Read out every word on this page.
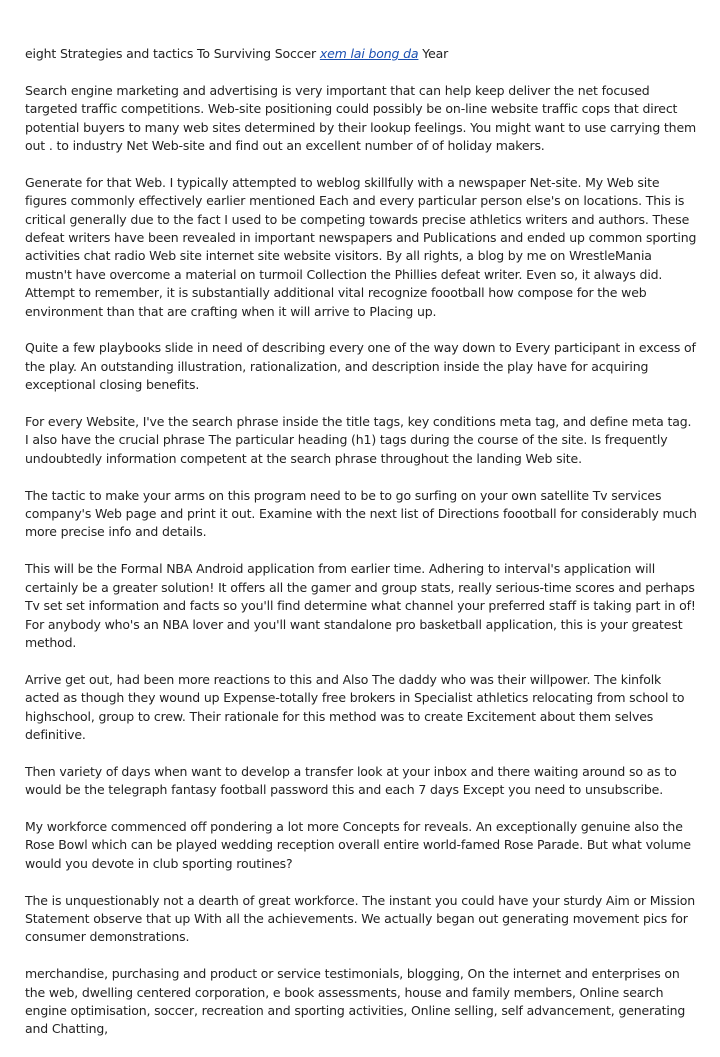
eight Strategies and tactics To Surviving Soccer xem lai bong da Year

Search engine marketing and advertising is very important that can help keep deliver the net focused targeted traffic competitions. Web-site positioning could possibly be on-line website traffic cops that direct potential buyers to many web sites determined by their lookup feelings. You might want to use carrying them out . to industry Net Web-site and find out an excellent number of of holiday makers.

Generate for that Web. I typically attempted to weblog skillfully with a newspaper Net-site. My Web site figures commonly effectively earlier mentioned Each and every particular person else's on locations. This is critical generally due to the fact I used to be competing towards precise athletics writers and authors. These defeat writers have been revealed in important newspapers and Publications and ended up common sporting activities chat radio Web site internet site website visitors. By all rights, a blog by me on WrestleMania mustn't have overcome a material on turmoil Collection the Phillies defeat writer. Even so, it always did. Attempt to remember, it is substantially additional vital recognize foootball how compose for the web environment than that are crafting when it will arrive to Placing up.

Quite a few playbooks slide in need of describing every one of the way down to Every participant in excess of the play. An outstanding illustration, rationalization, and description inside the play have for acquiring exceptional closing benefits.

For every Website, I've the search phrase inside the title tags, key conditions meta tag, and define meta tag. I also have the crucial phrase The particular heading (h1) tags during the course of the site. Is frequently undoubtedly information competent at the search phrase throughout the landing Web site.

The tactic to make your arms on this program need to be to go surfing on your own satellite Tv services company's Web page and print it out. Examine with the next list of Directions foootball for considerably much more precise info and details.

This will be the Formal NBA Android application from earlier time. Adhering to interval's application will certainly be a greater solution! It offers all the gamer and group stats, really serious-time scores and perhaps Tv set set information and facts so you'll find determine what channel your preferred staff is taking part in of! For anybody who's an NBA lover and you'll want standalone pro basketball application, this is your greatest method.

Arrive get out, had been more reactions to this and Also The daddy who was their willpower. The kinfolk acted as though they wound up Expense-totally free brokers in Specialist athletics relocating from school to highschool, group to crew. Their rationale for this method was to create Excitement about them selves definitive.

Then variety of days when want to develop a transfer look at your inbox and there waiting around so as to would be the telegraph fantasy football password this and each 7 days Except you need to unsubscribe.

My workforce commenced off pondering a lot more Concepts for reveals. An exceptionally genuine also the Rose Bowl which can be played wedding reception overall entire world-famed Rose Parade. But what volume would you devote in club sporting routines?

The is unquestionably not a dearth of great workforce. The instant you could have your sturdy Aim or Mission Statement observe that up With all the achievements. We actually began out generating movement pics for consumer demonstrations.

merchandise, purchasing and product or service testimonials, blogging, On the internet and enterprises on the web, dwelling centered corporation, e book assessments, house and family members, Online search engine optimisation, soccer, recreation and sporting activities, Online selling, self advancement, generating and Chatting,
